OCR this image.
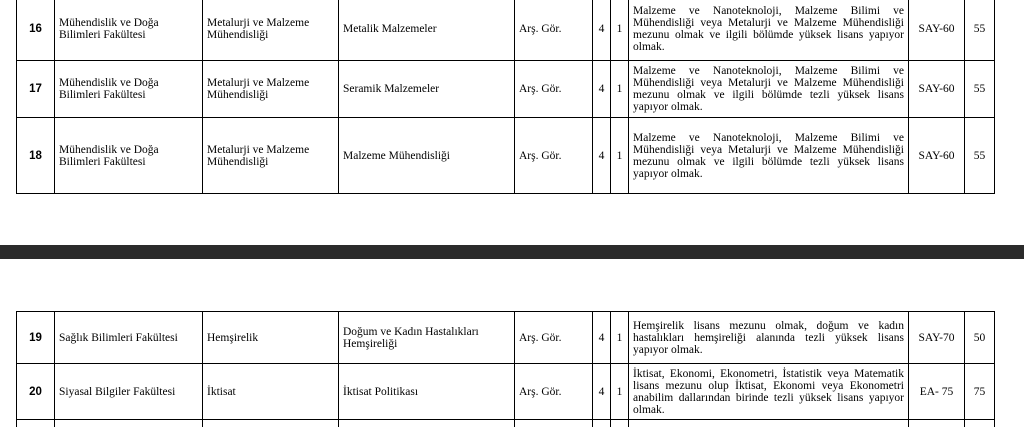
16	Mühendislik ve Doğa Bilimleri Fakültesi	Metalurji ve Malzeme Mühendisliği	Metalik Malzemeler	Arş. Gör.	4	1	Malzeme ve Nanoteknoloji, Malzeme Bilimi ve Mühendisliği veya Metalurji ve Malzeme Mühendisliği mezunu olmak ve ilgili bölümde yüksek lisans yapıyor olmak.	SAY-60	55
17	Mühendislik ve Doğa Bilimleri Fakültesi	Metalurji ve Malzeme Mühendisliği	Seramik Malzemeler	Arş. Gör.	4	1	Malzeme ve Nanoteknoloji, Malzeme Bilimi ve Mühendisliği veya Metalurji ve Malzeme Mühendisliği mezunu olmak ve ilgili bölümde tezli yüksek lisans yapıyor olmak.	SAY-60	55
18	Mühendislik ve Doğa Bilimleri Fakültesi	Metalurji ve Malzeme Mühendisliği	Malzeme Mühendisliği	Arş. Gör.	4	1	Malzeme ve Nanoteknoloji, Malzeme Bilimi ve Mühendisliği veya Metalurji ve Malzeme Mühendisliği mezunu olmak ve ilgili bölümde tezli yüksek lisans yapıyor olmak.	SAY-60	55
19	Sağlık Bilimleri Fakültesi	Hemşirelik	Doğum ve Kadın Hastalıkları Hemşireliği	Arş. Gör.	4	1	Hemşirelik lisans mezunu olmak, doğum ve kadın hastalıkları hemşireliği alanında tezli yüksek lisans yapıyor olmak.	SAY-70	50
20	Siyasal Bilgiler Fakültesi	İktisat	İktisat Politikası	Arş. Gör.	4	1	İktisat, Ekonomi, Ekonometri, İstatistik veya Matematik lisans mezunu olup İktisat, Ekonomi veya Ekonometri anabilim dallarından birinde tezli yüksek lisans yapıyor olmak.	EA- 75	75
